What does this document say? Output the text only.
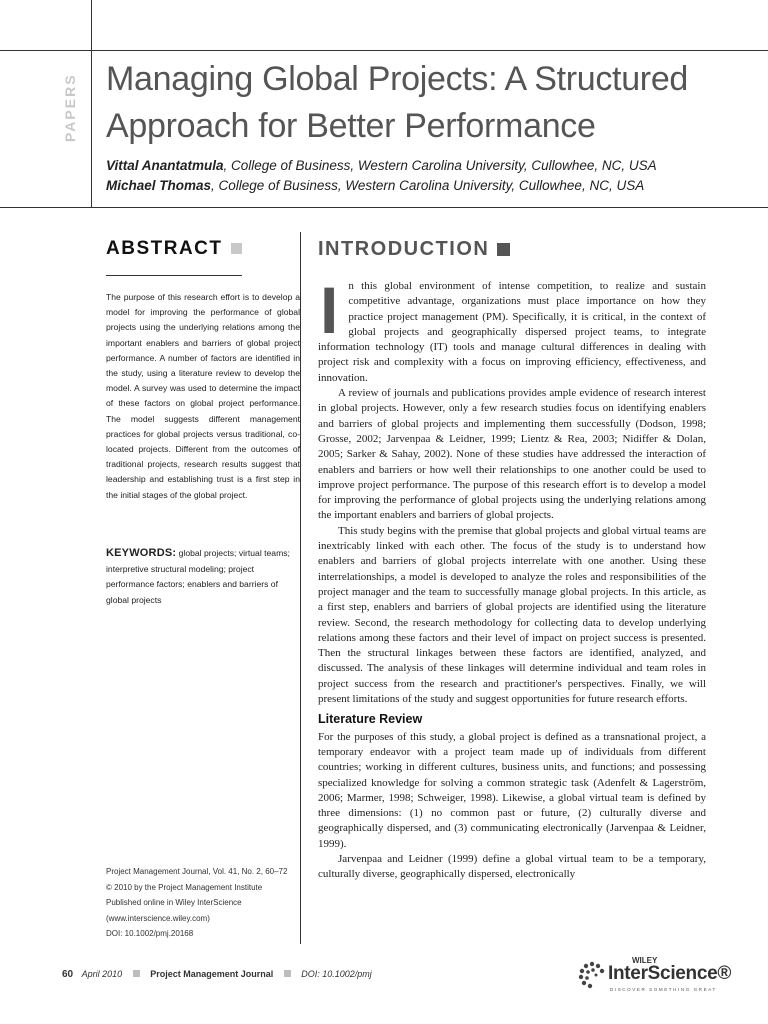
PAPERS Managing Global Projects: A Structured Approach for Better Performance
Vittal Anantatmula, College of Business, Western Carolina University, Cullowhee, NC, USA
Michael Thomas, College of Business, Western Carolina University, Cullowhee, NC, USA
ABSTRACT

The purpose of this research effort is to develop a model for improving the performance of global projects using the underlying relations among the important enablers and barriers of global project performance. A number of factors are identified in the study, using a literature review to develop the model. A survey was used to determine the impact of these factors on global project performance. The model suggests different management practices for global projects versus traditional, co-located projects. Different from the outcomes of traditional projects, research results suggest that leadership and establishing trust is a first step in the initial stages of the global project.

KEYWORDS: global projects; virtual teams; interpretive structural modeling; project performance factors; enablers and barriers of global projects

Project Management Journal, Vol. 41, No. 2, 60–72
© 2010 by the Project Management Institute
Published online in Wiley InterScience
(www.interscience.wiley.com)
DOI: 10.1002/pmj.20168
INTRODUCTION

In this global environment of intense competition, to realize and sustain competitive advantage, organizations must place importance on how they practice project management (PM). Specifically, it is critical, in the context of global projects and geographically dispersed project teams, to integrate information technology (IT) tools and manage cultural differences in dealing with project risk and complexity with a focus on improving efficiency, effectiveness, and innovation.

A review of journals and publications provides ample evidence of research interest in global projects. However, only a few research studies focus on identifying enablers and barriers of global projects and implementing them successfully (Dodson, 1998; Grosse, 2002; Jarvenpaa & Leidner, 1999; Lientz & Rea, 2003; Nidiffer & Dolan, 2005; Sarker & Sahay, 2002). None of these studies have addressed the interaction of enablers and barriers or how well their relationships to one another could be used to improve project performance. The purpose of this research effort is to develop a model for improving the performance of global projects using the underlying relations among the important enablers and barriers of global projects.

This study begins with the premise that global projects and global virtual teams are inextricably linked with each other. The focus of the study is to understand how enablers and barriers of global projects interrelate with one another. Using these interrelationships, a model is developed to analyze the roles and responsibilities of the project manager and the team to successfully manage global projects. In this article, as a first step, enablers and barriers of global projects are identified using the literature review. Second, the research methodology for collecting data to develop underlying relations among these factors and their level of impact on project success is presented. Then the structural linkages between these factors are identified, analyzed, and discussed. The analysis of these linkages will determine individual and team roles in project success from the research and practitioner's perspectives. Finally, we will present limitations of the study and suggest opportunities for future research efforts.

Literature Review

For the purposes of this study, a global project is defined as a transnational project, a temporary endeavor with a project team made up of individuals from different countries; working in different cultures, business units, and functions; and possessing specialized knowledge for solving a common strategic task (Adenfelt & Lagerström, 2006; Marmer, 1998; Schweiger, 1998). Likewise, a global virtual team is defined by three dimensions: (1) no common past or future, (2) culturally diverse and geographically dispersed, and (3) communicating electronically (Jarvenpaa & Leidner, 1999).

Jarvenpaa and Leidner (1999) define a global virtual team to be a temporary, culturally diverse, geographically dispersed, electronically

60 April 2010	Project Management Journal	DOI: 10.1002/pmj
WILEY
InterScience®
DISCOVER SOMETHING GREAT
